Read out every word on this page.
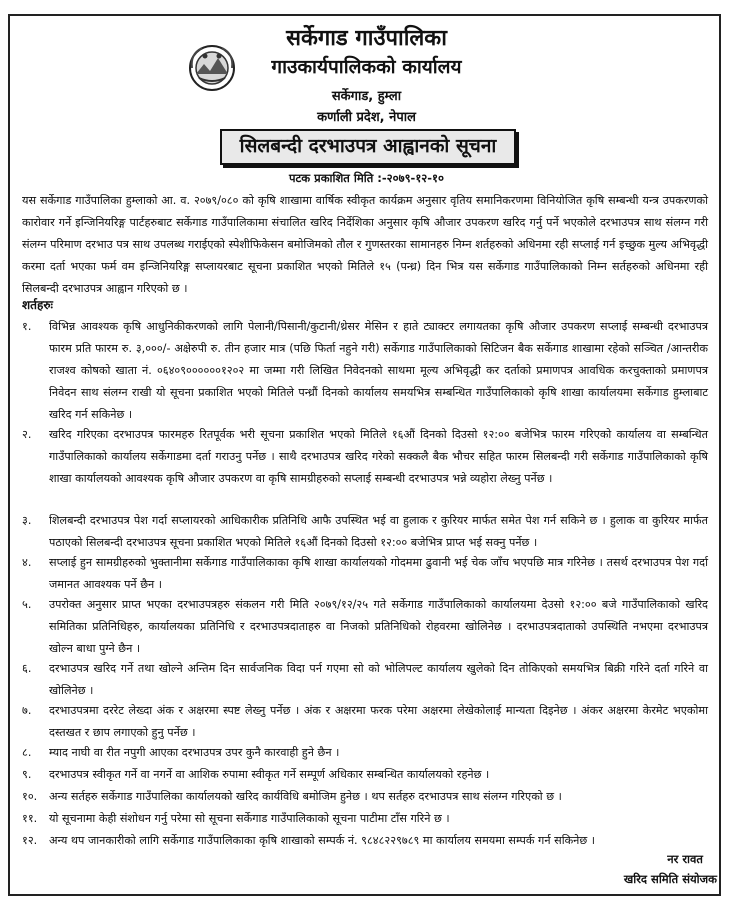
सर्केगाड गाउँपालिका
गाउकार्यपालिकको कार्यालय
सर्केगाड, हुम्ला
कर्णाली प्रदेश, नेपाल
सिलबन्दी दरभाउपत्र आह्वानको सूचना
पटक प्रकाशित मिति :-२०७९-१२-१०
यस सर्केगाड गाउँपालिका हुम्लाको आ. व. २०७९/०८० को कृषि शाखामा वार्षिक स्वीकृत कार्यक्रम अनुसार वृतिय समानिकरणमा विनियोजित कृषि सम्बन्धी यन्त्र उपकरणको कारोवार गर्ने इन्जिनियरिङ्ग पार्टहरुबाट सर्केगाड गाउँपालिकामा संचालित खरिद निर्देशिका अनुसार कृषि औजार उपकरण खरिद गर्नु पर्ने भएकोले दरभाउपत्र साथ संलग्न गरी संलग्न परिमाण दरभाउ पत्र साथ उपलब्ध गराईएको स्पेशीफिकेसन बमोजिमको तौल र गुणस्तरका सामानहरु निम्न शर्तहरुको अधिनमा रही सप्लाई गर्न इच्छुक मुल्य अभिवृद्धी करमा दर्ता भएका फर्म वम इन्जिनियरिङ्ग सप्लायरबाट सूचना प्रकाशित भएको मितिले १५ (पन्ध्र) दिन भित्र यस सर्केगाड गाउँपालिकाको निम्न सर्तहरुको अधिनमा रही सिलबन्दी दरभाउपत्र आह्वान गरिएको छ ।
शर्तहरुः
१.	विभिन्न आवश्यक कृषि आधुनिकीकरणको लागि पेलानी/पिसानी/कुटानी/थ्रेसर मेसिन र हाते ट्याक्टर लगायतका कृषि औजार उपकरण सप्लाई सम्बन्धी दरभाउपत्र फारम प्रति फारम रु. ३,०००/- अक्षेरुपी रु. तीन हजार मात्र (पछि फिर्ता नहुने गरी) सर्केगाड गाउँपालिकाको सिटिजन बैक सर्केगाड शाखामा रहेको सञ्चित /आन्तरीक राजश्व कोषको खाता नं. ०६४०९००००००१२०२ मा जम्मा गरी लिखित निवेदनको साथमा मूल्य अभिवृद्धी कर दर्ताको प्रमाणपत्र आवधिक करचुक्ताको प्रमाणपत्र निवेदन साथ संलग्न राखी यो सूचना प्रकाशित भएको मितिले पन्ध्रौं दिनको कार्यालय समयभित्र सम्बन्धित गाउँपालिकाको कृषि शाखा कार्यालयमा सर्केगाड हुम्लाबाट खरिद गर्न सकिनेछ ।
२.	खरिद गरिएका दरभाउपत्र फारमहरु रितपूर्वक भरी सूचना प्रकाशित भएको मितिले १६औं दिनको दिउसो १२:०० बजेभित्र फारम गरिएको कार्यालय वा सम्बन्धित गाउँपालिकाको कार्यालय सर्केगाडमा दर्ता गराउनु पर्नेछ । साथै दरभाउपत्र खरिद गरेको सक्कलै बैक भौचर सहित फारम सिलबन्दी गरी सर्केगाड गाउँपालिकाको कृषि शाखा कार्यालयको आवश्यक कृषि औजार उपकरण वा कृषि सामग्रीहरुको सप्लाई सम्बन्धी दरभाउपत्र भन्ने व्यहोरा लेख्नु पर्नेछ ।
३.	शिलबन्दी दरभाउपत्र पेश गर्दा सप्लायरको आधिकारीक प्रतिनिधि आफै उपस्थित भई वा हुलाक र कुरियर मार्फत समेत पेश गर्न सकिने छ । हुलाक वा कुरियर मार्फत पठाएको सिलबन्दी दरभाउपत्र सूचना प्रकाशित भएको मितिले १६औं दिनको दिउसो १२:०० बजेभित्र प्राप्त भई सक्नु पर्नेछ ।
४.	सप्लाई हुन सामग्रीहरुको भुक्तानीमा सर्केगाड गाउँपालिकाका कृषि शाखा कार्यालयको गोदममा ढुवानी भई चेक जाँच भएपछि मात्र गरिनेछ । तसर्थ दरभाउपत्र पेश गर्दा जमानत आवश्यक पर्ने छैन ।
५.	उपरोक्त अनुसार प्राप्त भएका दरभाउपत्रहरु संकलन गरी मिति २०७९/१२/२५ गते सर्केगाड गाउँपालिकाको कार्यालयमा देउसो १२:०० बजे गाउँपालिकाको खरिद समितिका प्रतिनिधिहरु, कार्यालयका प्रतिनिधि र दरभाउपत्रदाताहरु वा निजको प्रतिनिधिको रोहवरमा खोलिनेछ । दरभाउपत्रदाताको उपस्थिति नभएमा दरभाउपत्र खोल्न बाधा पुग्ने छैन ।
६.	दरभाउपत्र खरिद गर्ने तथा खोल्ने अन्तिम दिन सार्वजनिक विदा पर्न गएमा सो को भोलिपल्ट कार्यालय खुलेको दिन तोकिएको समयभित्र बिक्री गरिने दर्ता गरिने वा खोलिनेछ ।
७.	दरभाउपत्रमा दररेट लेख्दा अंक र अक्षरमा स्पष्ट लेख्नु पर्नेछ । अंक र अक्षरमा फरक परेमा अक्षरमा लेखेकोलाई मान्यता दिइनेछ । अंकर अक्षरमा केरमेट भएकोमा दस्तखत र छाप लगाएको हुनु पर्नेछ ।
८.	म्याद नाघी वा रीत नपुगी आएका दरभाउपत्र उपर कुनै कारवाही हुने छैन ।
९.	दरभाउपत्र स्वीकृत गर्ने वा नगर्ने वा आशिक रुपामा स्वीकृत गर्ने सम्पूर्ण अधिकार सम्बन्धित कार्यालयको रहनेछ ।
१०.	अन्य सर्तहरु सर्केगाड गाउँपालिका कार्यालयको खरिद कार्यविधि बमोजिम हुनेछ । थप सर्तहरु दरभाउपत्र साथ संलग्न गरिएको छ ।
११.	यो सूचनामा केही संशोधन गर्नु परेमा सो सूचना सर्केगाड गाउँपालिकाको सूचना पाटीमा टाँस गरिने छ ।
१२.	अन्य थप जानकारीको लागि सर्केगाड गाउँपालिकाका कृषि शाखाको सम्पर्क नं. ९८४८२२९७८९ मा कार्यालय समयमा सम्पर्क गर्न सकिनेछ ।
नर रावत
खरिद समिति संयोजक
